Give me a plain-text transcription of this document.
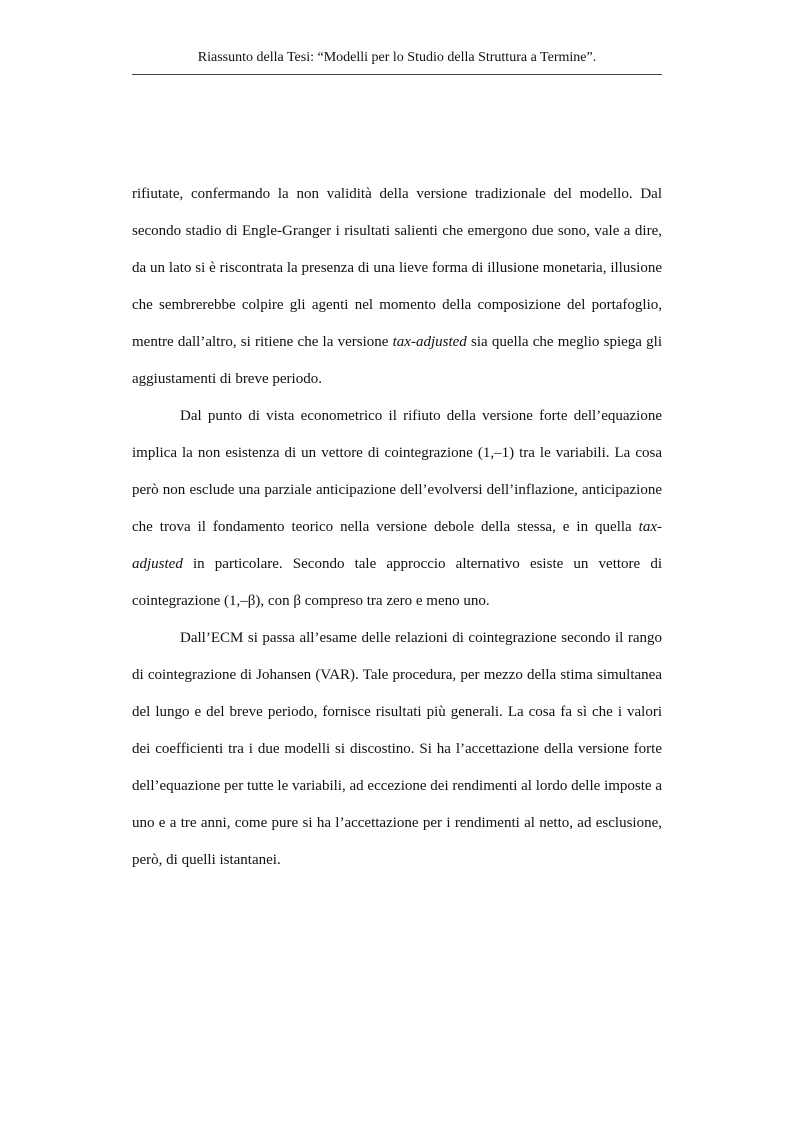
Riassunto della Tesi: “Modelli per lo Studio della Struttura a Termine”.

rifiutate, confermando la non validità della versione tradizionale del modello. Dal secondo stadio di Engle-Granger i risultati salienti che emergono due sono, vale a dire, da un lato si è riscontrata la presenza di una lieve forma di illusione monetaria, illusione che sembrerebbe colpire gli agenti nel momento della composizione del portafoglio, mentre dall’altro, si ritiene che la versione tax-adjusted sia quella che meglio spiega gli aggiustamenti di breve periodo.

Dal punto di vista econometrico il rifiuto della versione forte dell’equazione implica la non esistenza di un vettore di cointegrazione (1,–1) tra le variabili. La cosa però non esclude una parziale anticipazione dell’evolversi dell’inflazione, anticipazione che trova il fondamento teorico nella versione debole della stessa, e in quella tax-adjusted in particolare. Secondo tale approccio alternativo esiste un vettore di cointegrazione (1,–β), con β compreso tra zero e meno uno.

Dall’ECM si passa all’esame delle relazioni di cointegrazione secondo il rango di cointegrazione di Johansen (VAR). Tale procedura, per mezzo della stima simultanea del lungo e del breve periodo, fornisce risultati più generali. La cosa fa sì che i valori dei coefficienti tra i due modelli si discostino. Si ha l’accettazione della versione forte dell’equazione per tutte le variabili, ad eccezione dei rendimenti al lordo delle imposte a uno e a tre anni, come pure si ha l’accettazione per i rendimenti al netto, ad esclusione, però, di quelli istantanei.
